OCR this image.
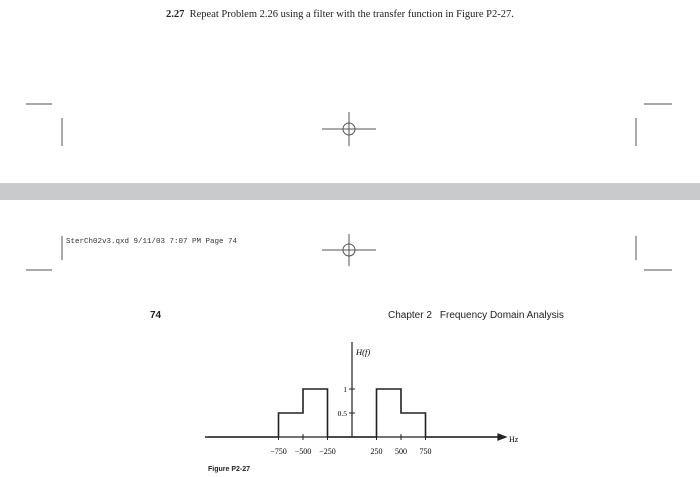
2.27 Repeat Problem 2.26 using a filter with the transfer function in Figure P2-27.
SterCh02v3.qxd 9/11/03 7:07 PM Page 74
74	Chapter 2 Frequency Domain Analysis
H(f)
Hz
−750 −500 −250	250 500 750
0.5
1
Figure P2-27
